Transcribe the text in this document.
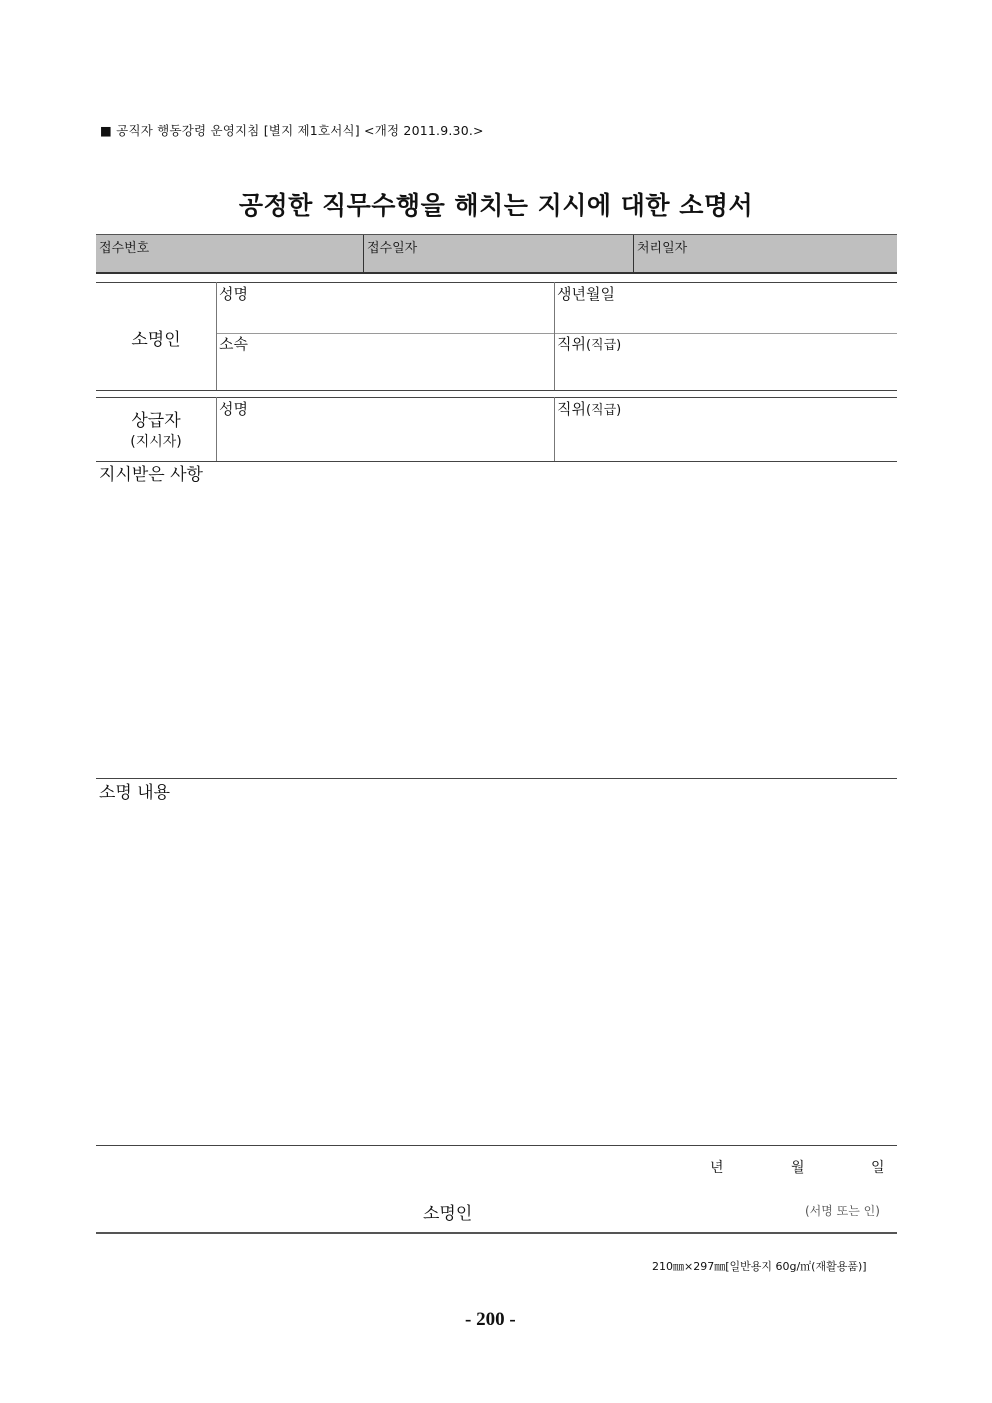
■ 공직자 행동강령 운영지침 [별지 제1호서식] <개정 2011.9.30.>
공정한 직무수행을 해치는 지시에 대한 소명서
접수번호	접수일자	처리일자
소명인
성명	생년월일
소속	직위(직급)
상급자
(지시자)
성명	직위(직급)
지시받은 사항
소명 내용
년	월	일
소명인	(서명 또는 인)
210㎜×297㎜[일반용지 60g/㎡(재활용품)]
- 200 -
